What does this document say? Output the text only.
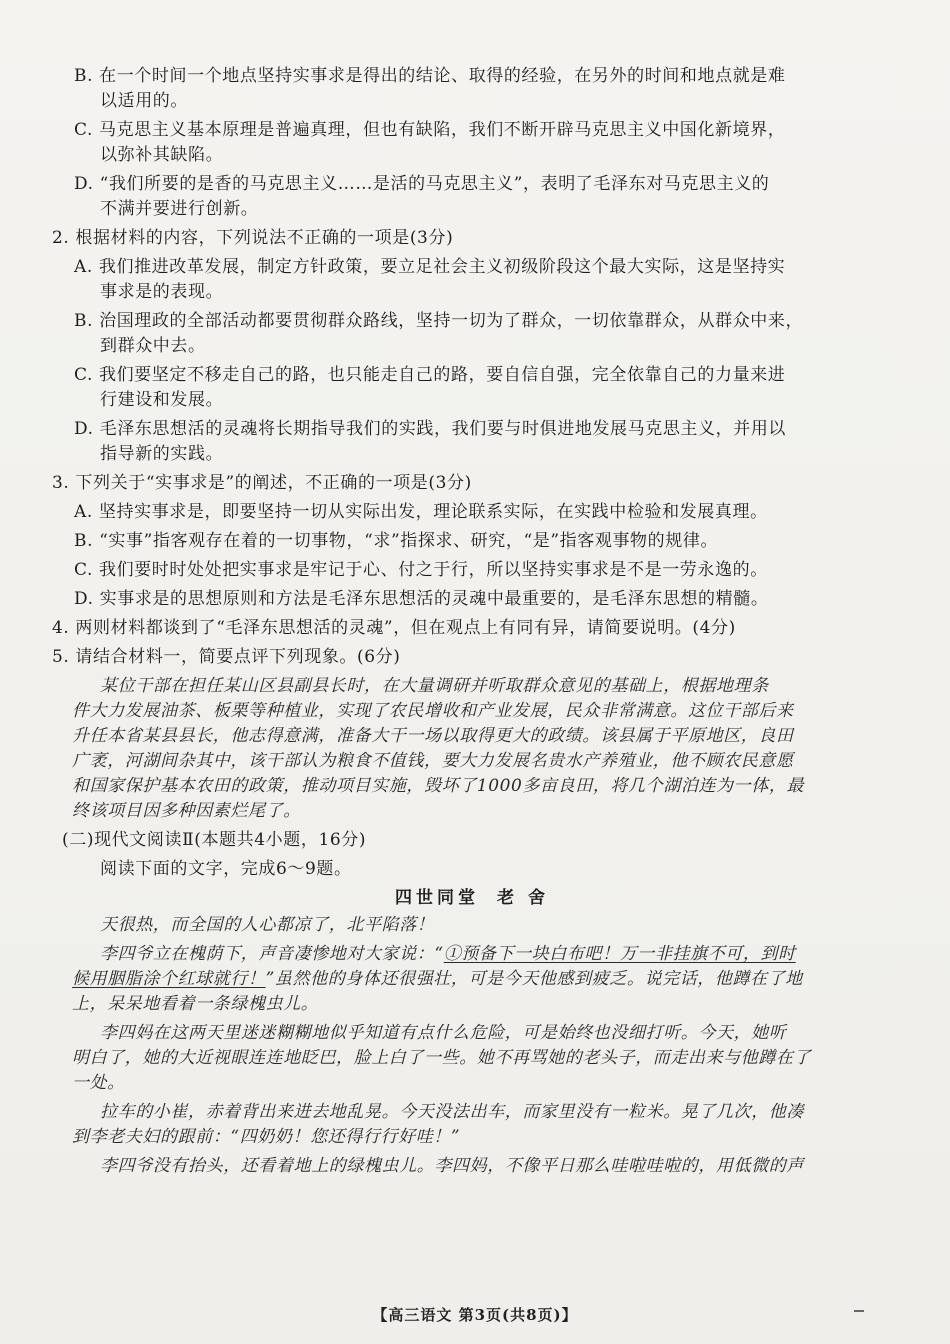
B. 在一个时间一个地点坚持实事求是得出的结论、取得的经验，在另外的时间和地点就是难
以适用的。
C. 马克思主义基本原理是普遍真理，但也有缺陷，我们不断开辟马克思主义中国化新境界，
以弥补其缺陷。
D. “我们所要的是香的马克思主义……是活的马克思主义”，表明了毛泽东对马克思主义的
不满并要进行创新。
2. 根据材料的内容，下列说法不正确的一项是(3分)
A. 我们推进改革发展，制定方针政策，要立足社会主义初级阶段这个最大实际，这是坚持实
事求是的表现。
B. 治国理政的全部活动都要贯彻群众路线，坚持一切为了群众，一切依靠群众，从群众中来，
到群众中去。
C. 我们要坚定不移走自己的路，也只能走自己的路，要自信自强，完全依靠自己的力量来进
行建设和发展。
D. 毛泽东思想活的灵魂将长期指导我们的实践，我们要与时俱进地发展马克思主义，并用以
指导新的实践。
3. 下列关于“实事求是”的阐述，不正确的一项是(3分)
A. 坚持实事求是，即要坚持一切从实际出发，理论联系实际，在实践中检验和发展真理。
B. “实事”指客观存在着的一切事物，“求”指探求、研究，“是”指客观事物的规律。
C. 我们要时时处处把实事求是牢记于心、付之于行，所以坚持实事求是不是一劳永逸的。
D. 实事求是的思想原则和方法是毛泽东思想活的灵魂中最重要的，是毛泽东思想的精髓。
4. 两则材料都谈到了“毛泽东思想活的灵魂”，但在观点上有同有异，请简要说明。(4分)
5. 请结合材料一，简要点评下列现象。(6分)
某位干部在担任某山区县副县长时，在大量调研并听取群众意见的基础上，根据地理条
件大力发展油茶、板栗等种植业，实现了农民增收和产业发展，民众非常满意。这位干部后来
升任本省某县县长，他志得意满，准备大干一场以取得更大的政绩。该县属于平原地区，良田
广袤，河湖间杂其中，该干部认为粮食不值钱，要大力发展名贵水产养殖业，他不顾农民意愿
和国家保护基本农田的政策，推动项目实施，毁坏了1000多亩良田，将几个湖泊连为一体，最
终该项目因多种因素烂尾了。
(二)现代文阅读Ⅱ(本题共4小题，16分)
阅读下面的文字，完成6～9题。
四世同堂 老 舍
天很热，而全国的人心都凉了，北平陷落！
李四爷立在槐荫下，声音凄惨地对大家说：“①预备下一块白布吧！万一非挂旗不可，到时
候用胭脂涂个红球就行！”虽然他的身体还很强壮，可是今天他感到疲乏。说完话，他蹲在了地
上，呆呆地看着一条绿槐虫儿。
李四妈在这两天里迷迷糊糊地似乎知道有点什么危险，可是始终也没细打听。今天，她听
明白了，她的大近视眼连连地眨巴，脸上白了一些。她不再骂她的老头子，而走出来与他蹲在了
一处。
拉车的小崔，赤着背出来进去地乱晃。今天没法出车，而家里没有一粒米。晃了几次，他凑
到李老夫妇的跟前：“四奶奶！您还得行行好哇！”
李四爷没有抬头，还看着地上的绿槐虫儿。李四妈，不像平日那么哇啦哇啦的，用低微的声
【高三语文 第3页(共8页)】
